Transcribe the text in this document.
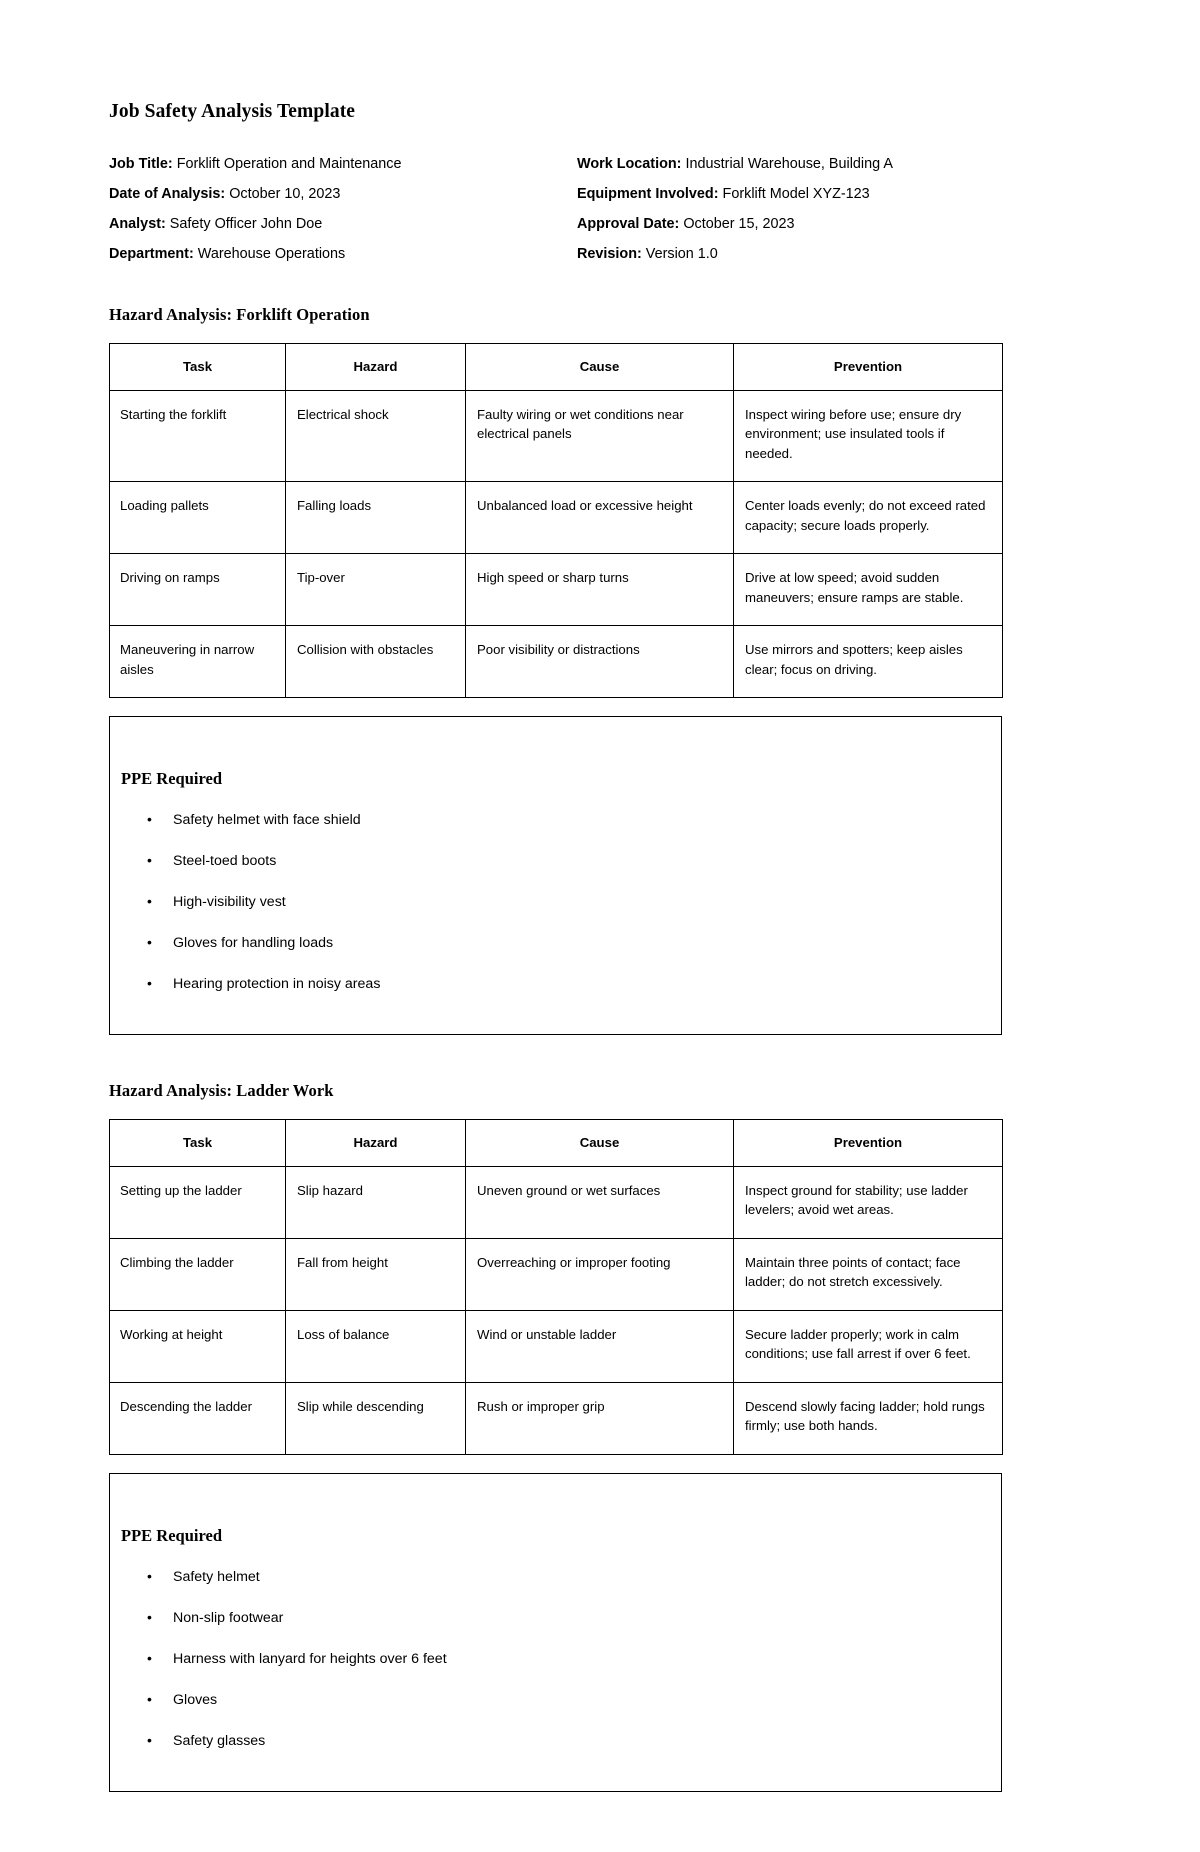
Job Safety Analysis Template
Job Title: Forklift Operation and Maintenance	Work Location: Industrial Warehouse, Building A
Date of Analysis: October 10, 2023	Equipment Involved: Forklift Model XYZ-123
Analyst: Safety Officer John Doe	Approval Date: October 15, 2023
Department: Warehouse Operations	Revision: Version 1.0
Hazard Analysis: Forklift Operation
Task	Hazard	Cause	Prevention
Starting the forklift	Electrical shock	Faulty wiring or wet conditions near electrical panels	Inspect wiring before use; ensure dry environment; use insulated tools if needed.
Loading pallets	Falling loads	Unbalanced load or excessive height	Center loads evenly; do not exceed rated capacity; secure loads properly.
Driving on ramps	Tip-over	High speed or sharp turns	Drive at low speed; avoid sudden maneuvers; ensure ramps are stable.
Maneuvering in narrow aisles	Collision with obstacles	Poor visibility or distractions	Use mirrors and spotters; keep aisles clear; focus on driving.
PPE Required
• Safety helmet with face shield
• Steel-toed boots
• High-visibility vest
• Gloves for handling loads
• Hearing protection in noisy areas
Hazard Analysis: Ladder Work
Task	Hazard	Cause	Prevention
Setting up the ladder	Slip hazard	Uneven ground or wet surfaces	Inspect ground for stability; use ladder levelers; avoid wet areas.
Climbing the ladder	Fall from height	Overreaching or improper footing	Maintain three points of contact; face ladder; do not stretch excessively.
Working at height	Loss of balance	Wind or unstable ladder	Secure ladder properly; work in calm conditions; use fall arrest if over 6 feet.
Descending the ladder	Slip while descending	Rush or improper grip	Descend slowly facing ladder; hold rungs firmly; use both hands.
PPE Required
• Safety helmet
• Non-slip footwear
• Harness with lanyard for heights over 6 feet
• Gloves
• Safety glasses
